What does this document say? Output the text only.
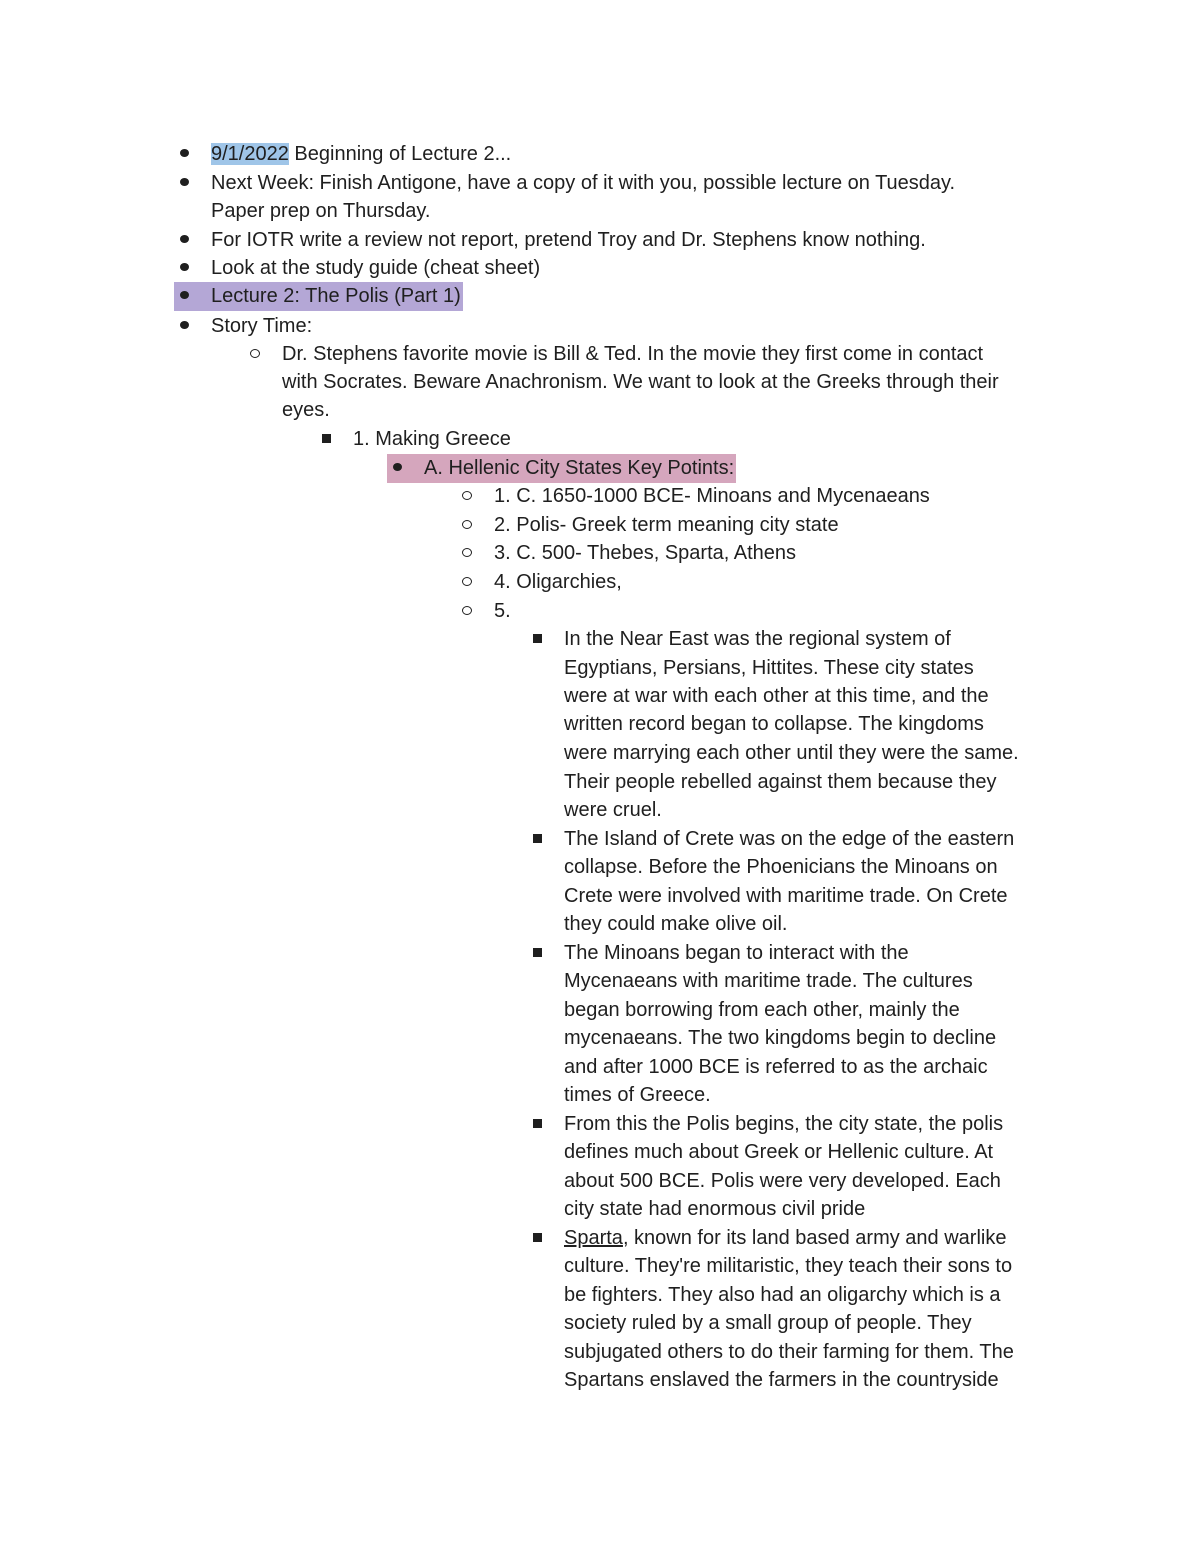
9/1/2022 Beginning of Lecture 2...
Next Week: Finish Antigone, have a copy of it with you, possible lecture on Tuesday.
Paper prep on Thursday.
For IOTR write a review not report, pretend Troy and Dr. Stephens know nothing.
Look at the study guide (cheat sheet)
Lecture 2: The Polis (Part 1)
Story Time:
Dr. Stephens favorite movie is Bill & Ted. In the movie they first come in contact
with Socrates. Beware Anachronism. We want to look at the Greeks through their
eyes.
1. Making Greece
A. Hellenic City States Key Potints:
1. C. 1650-1000 BCE- Minoans and Mycenaeans
2. Polis- Greek term meaning city state
3. C. 500- Thebes, Sparta, Athens
4. Oligarchies,
5.
In the Near East was the regional system of
Egyptians, Persians, Hittites. These city states
were at war with each other at this time, and the
written record began to collapse. The kingdoms
were marrying each other until they were the same.
Their people rebelled against them because they
were cruel.
The Island of Crete was on the edge of the eastern
collapse. Before the Phoenicians the Minoans on
Crete were involved with maritime trade. On Crete
they could make olive oil.
The Minoans began to interact with the
Mycenaeans with maritime trade. The cultures
began borrowing from each other, mainly the
mycenaeans. The two kingdoms begin to decline
and after 1000 BCE is referred to as the archaic
times of Greece.
From this the Polis begins, the city state, the polis
defines much about Greek or Hellenic culture. At
about 500 BCE. Polis were very developed. Each
city state had enormous civil pride
Sparta, known for its land based army and warlike
culture. They're militaristic, they teach their sons to
be fighters. They also had an oligarchy which is a
society ruled by a small group of people. They
subjugated others to do their farming for them. The
Spartans enslaved the farmers in the countryside
